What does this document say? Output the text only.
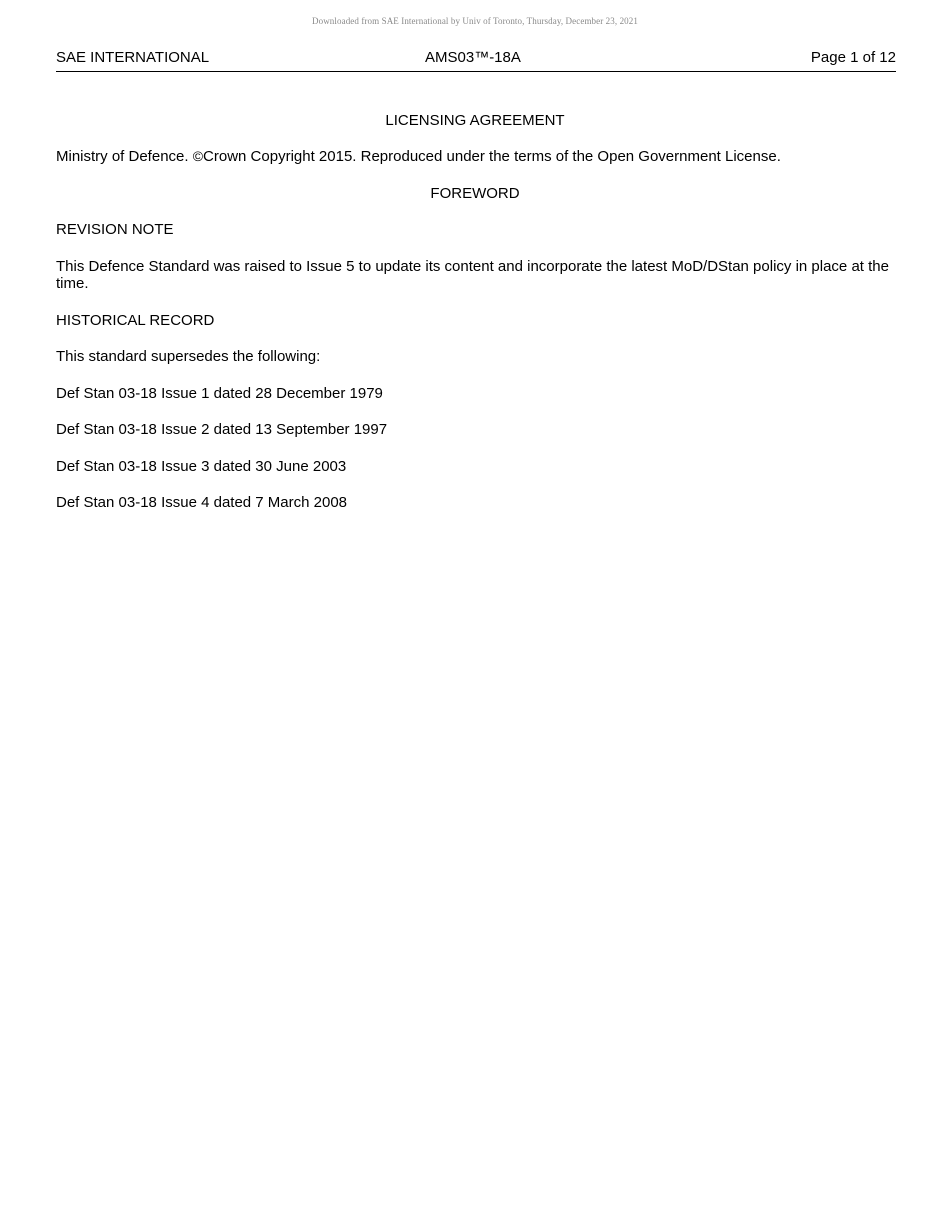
Downloaded from SAE International by Univ of Toronto, Thursday, December 23, 2021
SAE INTERNATIONAL	AMS03™-18A	Page 1 of 12
LICENSING AGREEMENT
Ministry of Defence. ©Crown Copyright 2015. Reproduced under the terms of the Open Government License.
FOREWORD
REVISION NOTE
This Defence Standard was raised to Issue 5 to update its content and incorporate the latest MoD/DStan policy in place at the time.
HISTORICAL RECORD
This standard supersedes the following:
Def Stan 03-18 Issue 1 dated 28 December 1979
Def Stan 03-18 Issue 2 dated 13 September 1997
Def Stan 03-18 Issue 3 dated 30 June 2003
Def Stan 03-18 Issue 4 dated 7 March 2008
